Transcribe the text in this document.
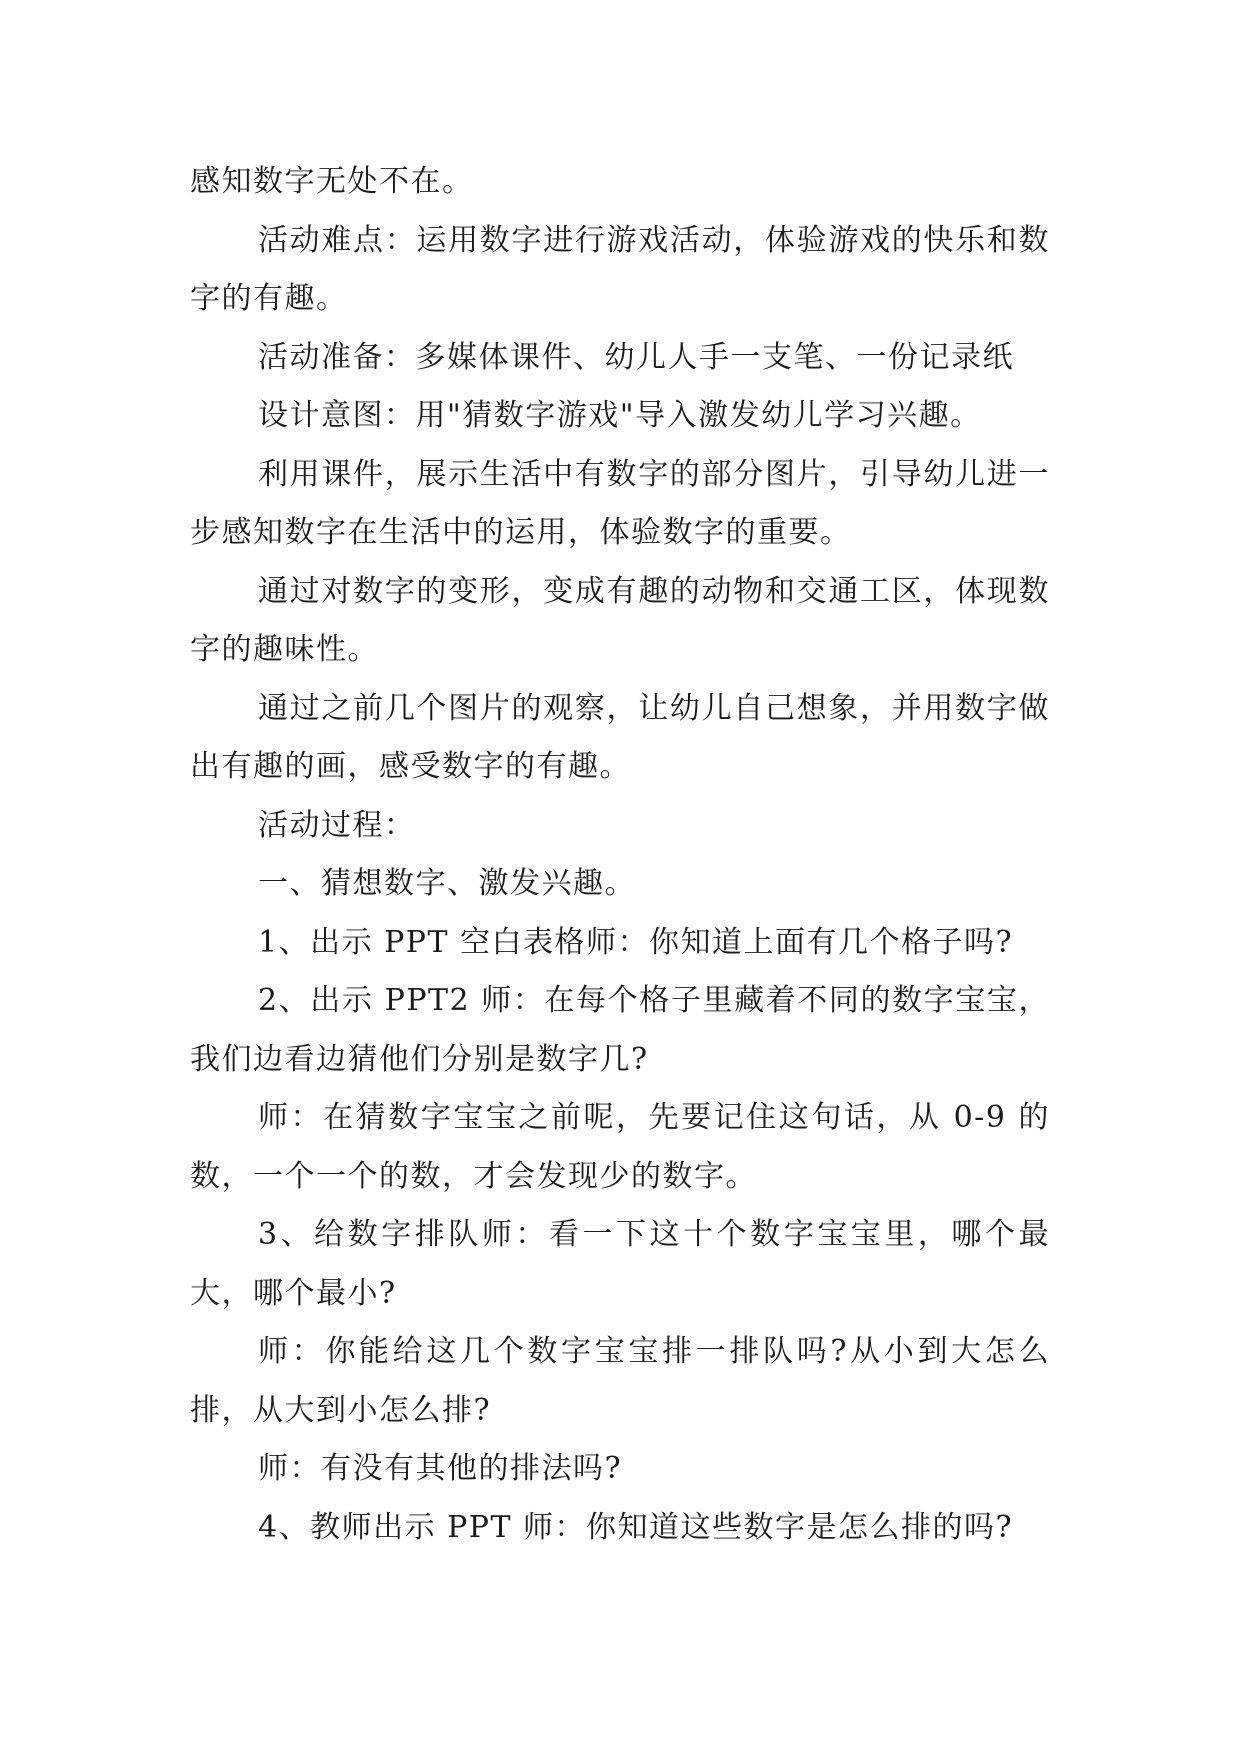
感知数字无处不在。

活动难点：运用数字进行游戏活动，体验游戏的快乐和数字的有趣。

活动准备：多媒体课件、幼儿人手一支笔、一份记录纸

设计意图：用"猜数字游戏"导入激发幼儿学习兴趣。

利用课件，展示生活中有数字的部分图片，引导幼儿进一步感知数字在生活中的运用，体验数字的重要。

通过对数字的变形，变成有趣的动物和交通工区，体现数字的趣味性。

通过之前几个图片的观察，让幼儿自己想象，并用数字做出有趣的画，感受数字的有趣。

活动过程：

一、猜想数字、激发兴趣。

1、出示 PPT 空白表格师：你知道上面有几个格子吗?

2、出示 PPT2 师：在每个格子里藏着不同的数字宝宝，我们边看边猜他们分别是数字几?

师：在猜数字宝宝之前呢，先要记住这句话，从 0-9 的数，一个一个的数，才会发现少的数字。

3、给数字排队师：看一下这十个数字宝宝里，哪个最大，哪个最小?

师：你能给这几个数字宝宝排一排队吗?从小到大怎么排，从大到小怎么排?

师：有没有其他的排法吗?

4、教师出示 PPT 师：你知道这些数字是怎么排的吗?
